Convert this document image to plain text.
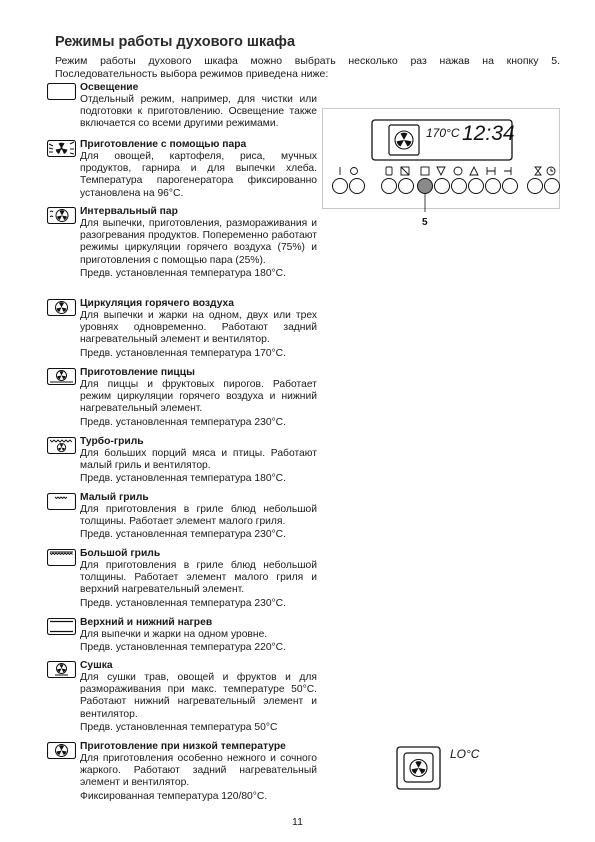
Режимы работы духового шкафа
Режим работы духового шкафа можно выбрать несколько раз нажав на кнопку 5.
Последовательность выбора режимов приведена ниже:
Освещение
Отдельный режим, например, для чистки или подготовки к приготовлению. Освещение также включается со всеми другими режимами.
Приготовление с помощью пара
Для овощей, картофеля, риса, мучных продуктов, гарнира и для выпечки хлеба. Температура парогенератора фиксированно установлена на 96°С.
Интервальный пар
Для выпечки, приготовления, размораживания и разогревания продуктов. Попеременно работают режимы циркуляции горячего воздуха (75%) и приготовления с помощью пара (25%).
Предв. установленная температура 180°С.
Циркуляция горячего воздуха
Для выпечки и жарки на одном, двух или трех уровнях одновременно. Работают задний нагревательный элемент и вентилятор.
Предв. установленная температура 170°С.
Приготовление пиццы
Для пиццы и фруктовых пирогов. Работает режим циркуляции горячего воздуха и нижний нагревательный элемент.
Предв. установленная температура 230°С.
Турбо-гриль
Для больших порций мяса и птицы. Работают малый гриль и вентилятор.
Предв. установленная температура 180°С.
Малый гриль
Для приготовления в гриле блюд небольшой толщины. Работает элемент малого гриля.
Предв. установленная температура 230°С.
Большой гриль
Для приготовления в гриле блюд небольшой толщины. Работает элемент малого гриля и верхний нагревательный элемент.
Предв. установленная температура 230°С.
Верхний и нижний нагрев
Для выпечки и жарки на одном уровне.
Предв. установленная температура 220°С.
Сушка
Для сушки трав, овощей и фруктов и для размораживания при макс. температуре 50°С. Работают нижний нагревательный элемент и вентилятор.
Предв. установленная температура 50°С
Приготовление при низкой температуре
Для приготовления особенно нежного и сочного жаркого. Работают задний нагревательный элемент и вентилятор.
Фиксированная температура 120/80°С.
170°С 12:34
5
LO°С
11
